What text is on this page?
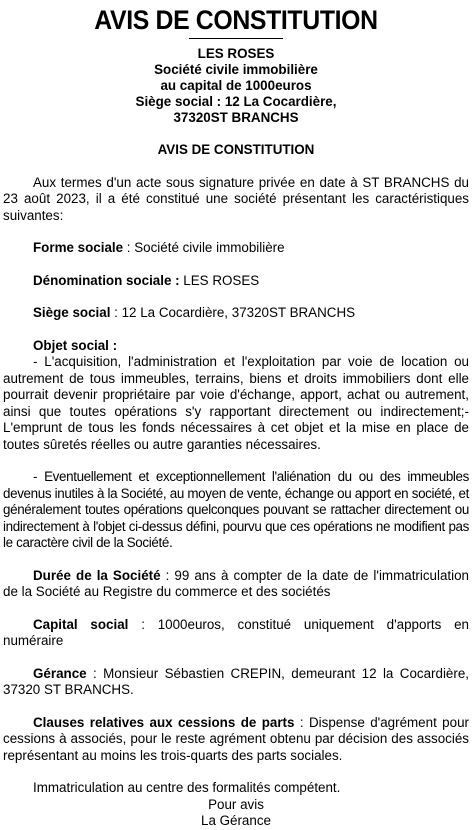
AVIS DE CONSTITUTION
LES ROSES
Société civile immobilière
au capital de 1000euros
Siège social : 12 La Cocardière,
37320ST BRANCHS
AVIS DE CONSTITUTION

Aux termes d'un acte sous signature privée en date à ST BRANCHS du 23 août 2023, il a été constitué une société présentant les caractéristiques suivantes:

Forme sociale : Société civile immobilière

Dénomination sociale : LES ROSES

Siège social : 12 La Cocardière, 37320ST BRANCHS

Objet social :

- L'acquisition, l'administration et l'exploitation par voie de location ou autrement de tous immeubles, terrains, biens et droits immobiliers dont elle pourrait devenir propriétaire par voie d'échange, apport, achat ou autrement, ainsi que toutes opérations s'y rapportant directement ou indirectement;- L'emprunt de tous les fonds nécessaires à cet objet et la mise en place de toutes sûretés réelles ou autre garanties nécessaires.

- Eventuellement et exceptionnellement l'aliénation du ou des immeubles devenus inutiles à la Société, au moyen de vente, échange ou apport en société, et généralement toutes opérations quelconques pouvant se rattacher directement ou indirectement à l'objet ci-dessus défini, pourvu que ces opérations ne modifient pas le caractère civil de la Société.

Durée de la Société : 99 ans à compter de la date de l'immatriculation de la Société au Registre du commerce et des sociétés

Capital social : 1000euros, constitué uniquement d'apports en numéraire

Gérance : Monsieur Sébastien CREPIN, demeurant 12 la Cocardière, 37320 ST BRANCHS.

Clauses relatives aux cessions de parts : Dispense d'agrément pour cessions à associés, pour le reste agrément obtenu par décision des associés représentant au moins les trois-quarts des parts sociales.

Immatriculation au centre des formalités compétent.

Pour avis
La Gérance
